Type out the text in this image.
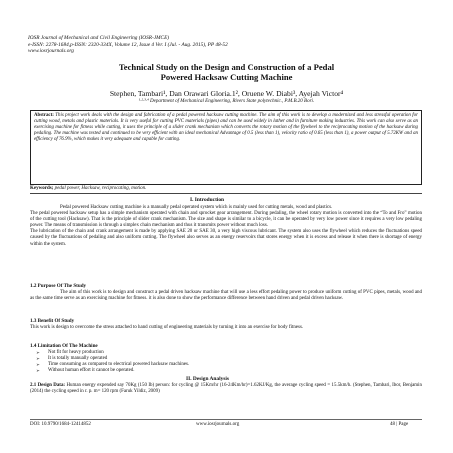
IOSR Journal of Mechanical and Civil Engineering (IOSR-JMCE)
e-ISSN: 2278-1684,p-ISSN: 2320-334X, Volume 12, Issue 4 Ver. I (Jul. - Aug. 2015), PP 48-52
www.iosrjournals.org
Technical Study on the Design and Construction of a Pedal
Powered Hacksaw Cutting Machine
Stephen, Tambari¹, Dan Orawari Gloria.1², Oruene W. Diabi³, Ayejah Victor⁴
¹·²·³·⁴ Department of Mechanical Engineering, Rivers State polytechnic., P.M.B.20 Bori.
Abstract: This project work deals with the design and fabrication of a pedal powered hacksaw cutting machine. The aim of this work is to develop a modernized and less stressful operation for cutting wood, metals and plastic materials. It is very useful for cutting PVC materials (pipes) and can be used widely in lather and in furniture making industries. This work can also serve as an exercising machine for fitness while cutting, it uses the principle of a slider crank mechanism which converts the rotary motion of the flywheel to the reciprocating motion of the hacksaw during pedaling. The machine was tested and continued to be very efficient with an ideal mechanical Advantage of 0.5 (less than 1), velocity ratio of 0.65 (less than 1), a power output of 5.72KW and an efficiency of 76.9%, which makes it very adequate and capable for cutting.
Keywords; pedal power, Hacksaw, reciprocating, motion.
I. Introduction

Pedal powered Hacksaw cutting machine is a manually pedal operated system which is mainly used for cutting metals, wood and plastics.

The pedal powered hacksaw setup has a simple mechanism operated with chain and sprocket gear arrangement. During pedaling, the wheel rotary motion is converted into the “To and Fro” motion of the cutting tool (Hacksaw). That is the principle of slider crank mechanism. The size and shape is similar to a bicycle, it can be operated by very low power since it requires a very low pedaling power. The means of transmission is through a simplex chain mechanism and thus it transmits power without much loss.

The lubrication of the chain and crank arrangement is made by applying SAE 20 or SAE 30, a very high viscous lubricant. The system also uses the flywheel which reduces the fluctuations speed caused by the fluctuations of pedaling and also uniform cutting. The flywheel also serves as an energy reservoirs that stores energy when it is excess and release it when there is shortage of energy within the system.

1.2 Purpose Of The Study

The aim of this work is to design and construct a pedal driven hacksaw machine that will use a less effort pedaling power to produce uniform cutting of PVC pipes, metals, wood and as the same time serve as an exercising machine for fitness. it is also done to show the performance difference between hand driven and pedal driven hacksaw.

1.3 Benefit Of Study

This work is design to overcome the stress attached to hand cutting of engineering materials by turning it into an exercise for body fitness.

1.4 Limitation Of The Machine
➢	Not fit for heavy production
➢	It is totally manually operated
➢	Time consuming as compared to electrical powered hacksaw machines.
➢	Without human effort it cannot be operated.
II. Design Analysis

2.1 Design Data: Human energy expended say 70Kg (150 Ib) person: for cycling @ 15Km/hr (16-24Km/hr)=1.62KJ/Kg, the average cycling speed = 15.5km/h. (Stephen, Tambari, Ibor, Benjamin (2014) the cycling speed in r. p. m= 120 rpm (Faruk Yildiz, 2009)

DOI: 10.9790/1684-12414852	www.iosrjournals.org	48 | Page
